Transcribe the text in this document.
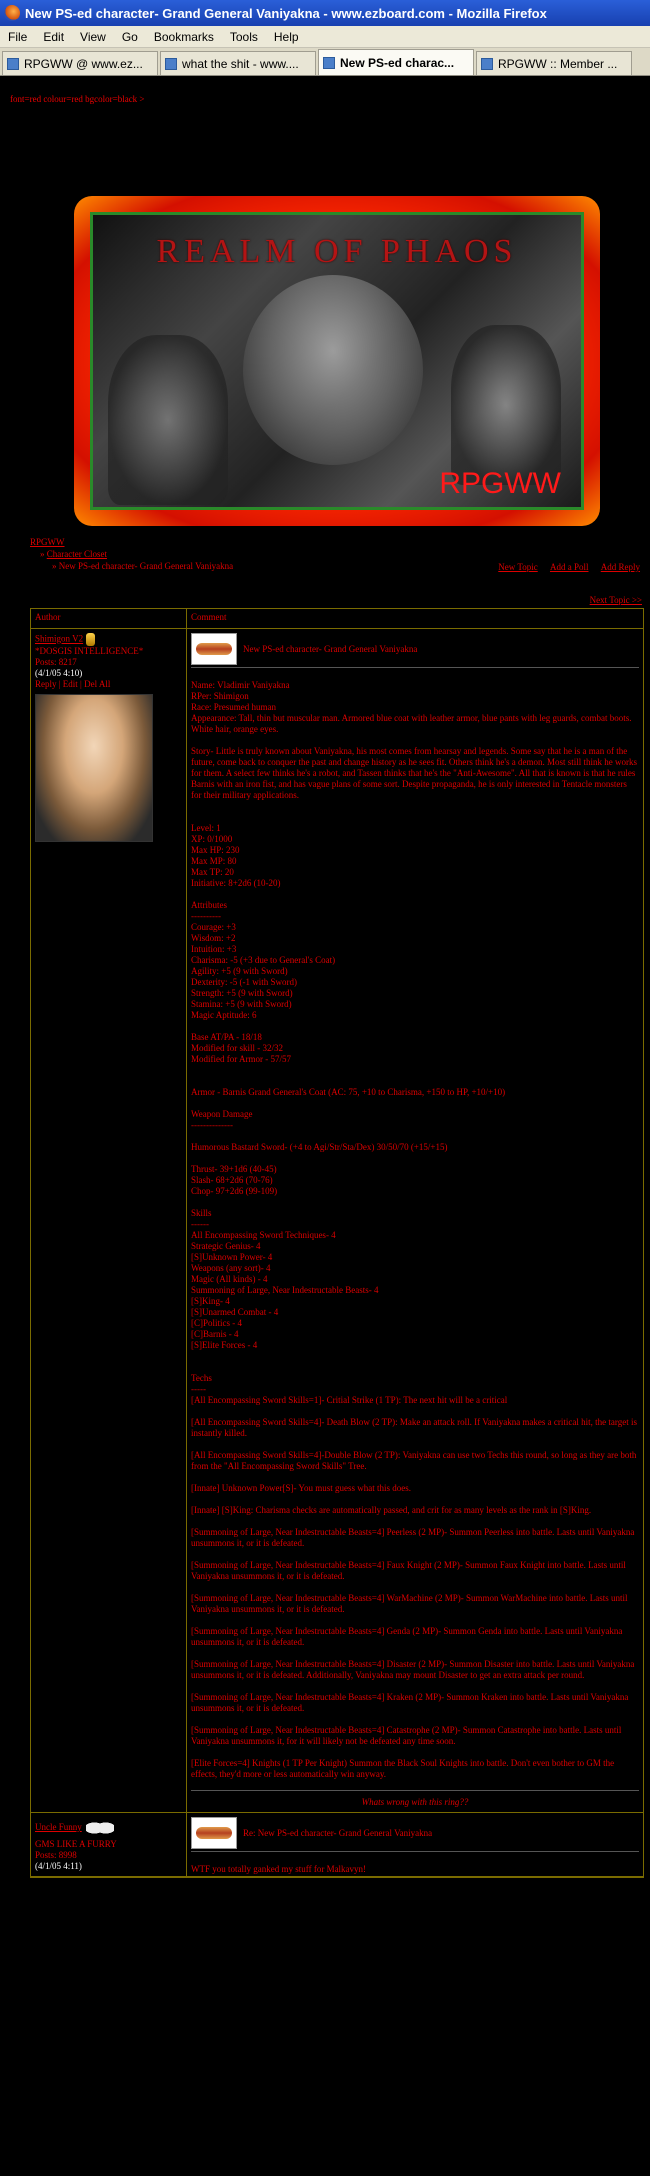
New PS-ed character- Grand General Vaniyakna - www.ezboard.com - Mozilla Firefox
File	Edit	View	Go	Bookmarks	Tools	Help
RPGWW @ www.ez...	what the shit - www....	New PS-ed charac...	RPGWW :: Member ...
font=red colour=red bgcolor=black >
REALM OF PHAOS
RPGWW
RPGWW
» Character Closet
» New PS-ed character- Grand General Vaniyakna	New Topic Add a Poll Add Reply
Next Topic >>
Author	Comment
Shimigon V2
*DOSGIS INTELLIGENCE*
Posts: 8217
(4/1/05 4:10)
Reply | Edit | Del All
New PS-ed character- Grand General Vaniyakna
Name: Vladimir Vaniyakna
RPer: Shimigon
Race: Presumed human
Appearance: Tall, thin but muscular man. Armored blue coat with leather armor, blue pants with leg guards, combat boots. White hair, orange eyes.

Story- Little is truly known about Vaniyakna, his most comes from hearsay and legends. Some say that he is a man of the future, come back to conquer the past and change history as he sees fit. Others think he's a demon. Most still think he works for them. A select few thinks he's a robot, and Tassen thinks that he's the "Anti-Awesome". All that is known is that he rules Barnis with an iron fist, and has vague plans of some sort. Despite propaganda, he is only interested in Tentacle monsters for their military applications.

Level: 1
XP: 0/1000
Max HP: 230
Max MP: 80
Max TP: 20
Initiative: 8+2d6 (10-20)

Attributes
----------
Courage: +3
Wisdom: +2
Intuition: +3
Charisma: -5 (+3 due to General's Coat)
Agility: +5 (9 with Sword)
Dexterity: -5 (-1 with Sword)
Strength: +5 (9 with Sword)
Stamina: +5 (9 with Sword)
Magic Aptitude: 6

Base AT/PA - 18/18
Modified for skill - 32/32
Modified for Armor - 57/57

Armor - Barnis Grand General's Coat (AC: 75, +10 to Charisma, +150 to HP, +10/+10)

Weapon Damage
--------------

Humorous Bastard Sword- (+4 to Agi/Str/Sta/Dex) 30/50/70 (+15/+15)

Thrust- 39+1d6 (40-45)
Slash- 68+2d6 (70-76)
Chop- 97+2d6 (99-109)

Skills
------
All Encompassing Sword Techniques- 4
Strategic Genius- 4
[S]Unknown Power- 4
Weapons (any sort)- 4
Magic (All kinds) - 4
Summoning of Large, Near Indestructable Beasts- 4
[S]King- 4
[S]Unarmed Combat - 4
[C]Politics - 4
[C]Barnis - 4
[S]Elite Forces - 4

Techs
-----
[All Encompassing Sword Skills=1]- Critial Strike (1 TP): The next hit will be a critical

[All Encompassing Sword Skills=4]- Death Blow (2 TP): Make an attack roll. If Vaniyakna makes a critical hit, the target is instantly killed.

[All Encompassing Sword Skills=4]-Double Blow (2 TP): Vaniyakna can use two Techs this round, so long as they are both from the "All Encompassing Sword Skills" Tree.

[Innate] Unknown Power[S]- You must guess what this does.

[Innate] [S]King: Charisma checks are automatically passed, and crit for as many levels as the rank in [S]King.

[Summoning of Large, Near Indestructable Beasts=4] Peerless (2 MP)- Summon Peerless into battle. Lasts until Vaniyakna unsummons it, or it is defeated.

[Summoning of Large, Near Indestructable Beasts=4] Faux Knight (2 MP)- Summon Faux Knight into battle. Lasts until Vaniyakna unsummons it, or it is defeated.

[Summoning of Large, Near Indestructable Beasts=4] WarMachine (2 MP)- Summon WarMachine into battle. Lasts until Vaniyakna unsummons it, or it is defeated.

[Summoning of Large, Near Indestructable Beasts=4] Genda (2 MP)- Summon Genda into battle. Lasts until Vaniyakna unsummons it, or it is defeated.

[Summoning of Large, Near Indestructable Beasts=4] Disaster (2 MP)- Summon Disaster into battle. Lasts until Vaniyakna unsummons it, or it is defeated. Additionally, Vaniyakna may mount Disaster to get an extra attack per round.

[Summoning of Large, Near Indestructable Beasts=4] Kraken (2 MP)- Summon Kraken into battle. Lasts until Vaniyakna unsummons it, or it is defeated.

[Summoning of Large, Near Indestructable Beasts=4] Catastrophe (2 MP)- Summon Catastrophe into battle. Lasts until Vaniyakna unsummons it, for it will likely not be defeated any time soon.

[Elite Forces=4] Knights (1 TP Per Knight) Summon the Black Soul Knights into battle. Don't even bother to GM the effects, they'd more or less automatically win anyway.
Whats wrong with this ring??
Uncle Funny
GMS LIKE A FURRY
Posts: 8998
(4/1/05 4:11)
Re: New PS-ed character- Grand General Vaniyakna
WTF you totally ganked my stuff for Malkavyn!
